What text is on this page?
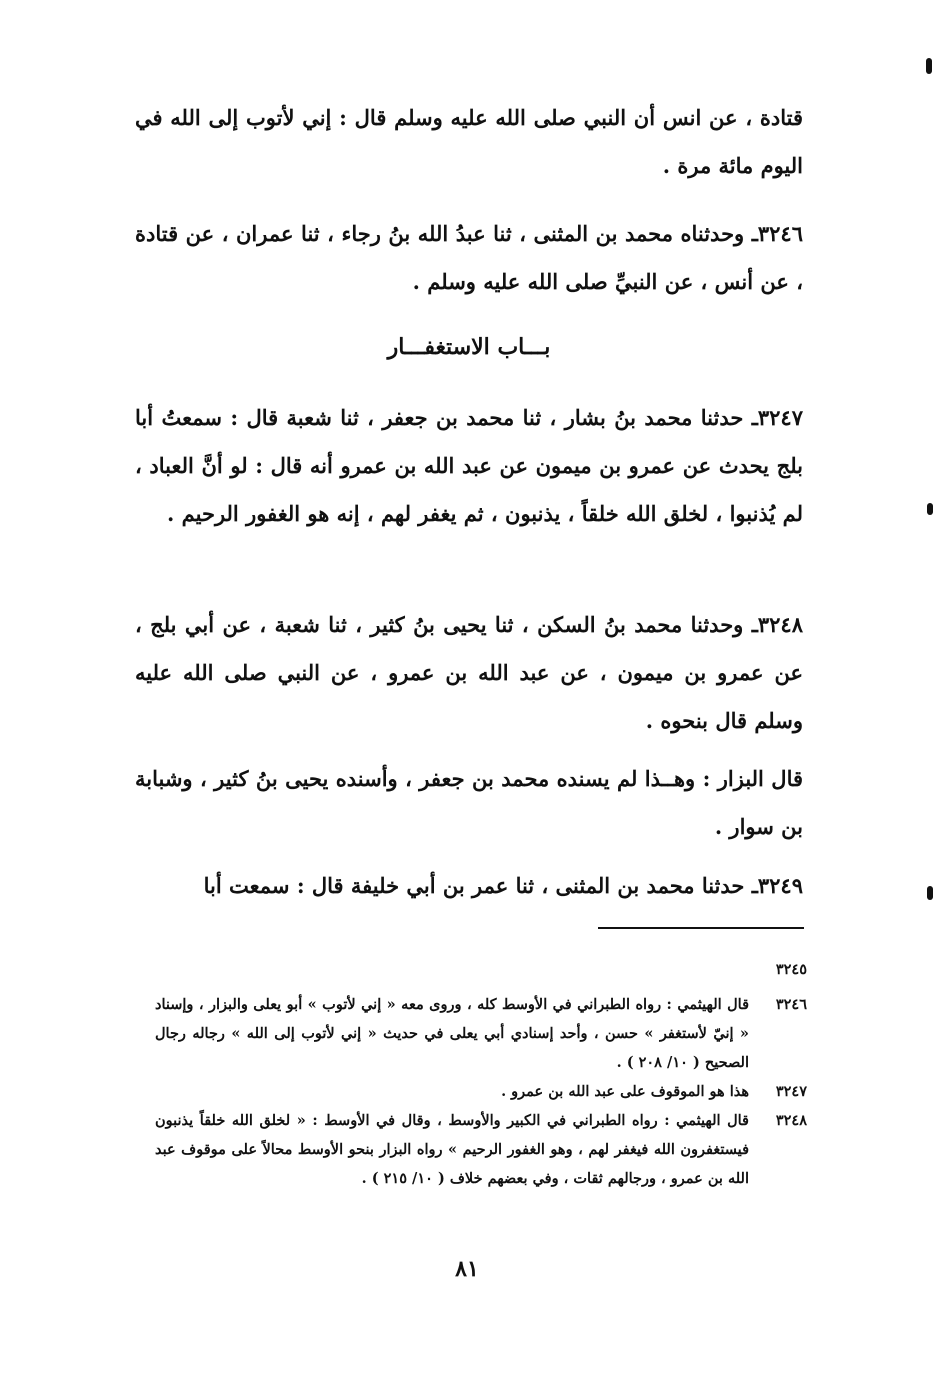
قتادة ، عن انس أن النبي صلى الله عليه وسلم قال : إني لأتوب إلى الله في اليوم مائة مرة .

٣٢٤٦ـ وحدثناه محمد بن المثنى ، ثنا عبدُ الله بنُ رجاء ، ثنا عمران ، عن قتادة ، عن أنس ، عن النبيِّ صلى الله عليه وسلم .

بـــاب الاستغفـــار

٣٢٤٧ـ حدثنا محمد بنُ بشار ، ثنا محمد بن جعفر ، ثنا شعبة قال : سمعتُ أبا بلج يحدث عن عمرو بن ميمون عن عبد الله بن عمرو أنه قال : لو أنَّ العباد ، لم يُذنبوا ، لخلق الله خلقاً ، يذنبون ، ثم يغفر لهم ، إنه هو الغفور الرحيم .

٣٢٤٨ـ وحدثنا محمد بنُ السكن ، ثنا يحيى بنُ كثير ، ثنا شعبة ، عن أبي بلج ، عن عمرو بن ميمون ، عن عبد الله بن عمرو ، عن النبي صلى الله عليه وسلم قال بنحوه .

قال البزار : وهــذا لم يسنده محمد بن جعفر ، وأسنده يحيى بنُ كثير ، وشبابة بن سوار .

٣٢٤٩ـ حدثنا محمد بن المثنى ، ثنا عمر بن أبي خليفة قال : سمعت أبا

٣٢٤٥
٣٢٤٦
قال الهيثمي : رواه الطبراني في الأوسط كله ، وروى معه « إني لأتوب » أبو يعلى والبزار ، وإسناد « إنيّ لأستغفر » حسن ، وأحد إسنادي أبي يعلى في حديث « إني لأتوب إلى الله » رجاله رجال الصحيح ( ١٠/ ٢٠٨ ) .
٣٢٤٧
هذا هو الموقوف على عبد الله بن عمرو .
٣٢٤٨
قال الهيثمي : رواه الطبراني في الكبير والأوسط ، وقال في الأوسط : « لخلق الله خلقاً يذنبون فيستغفرون الله فيغفر لهم ، وهو الغفور الرحيم » رواه البزار بنحو الأوسط محالاً على موقوف عبد الله بن عمرو ، ورجالهم ثقات ، وفي بعضهم خلاف ( ١٠/ ٢١٥ ) .
٨١
